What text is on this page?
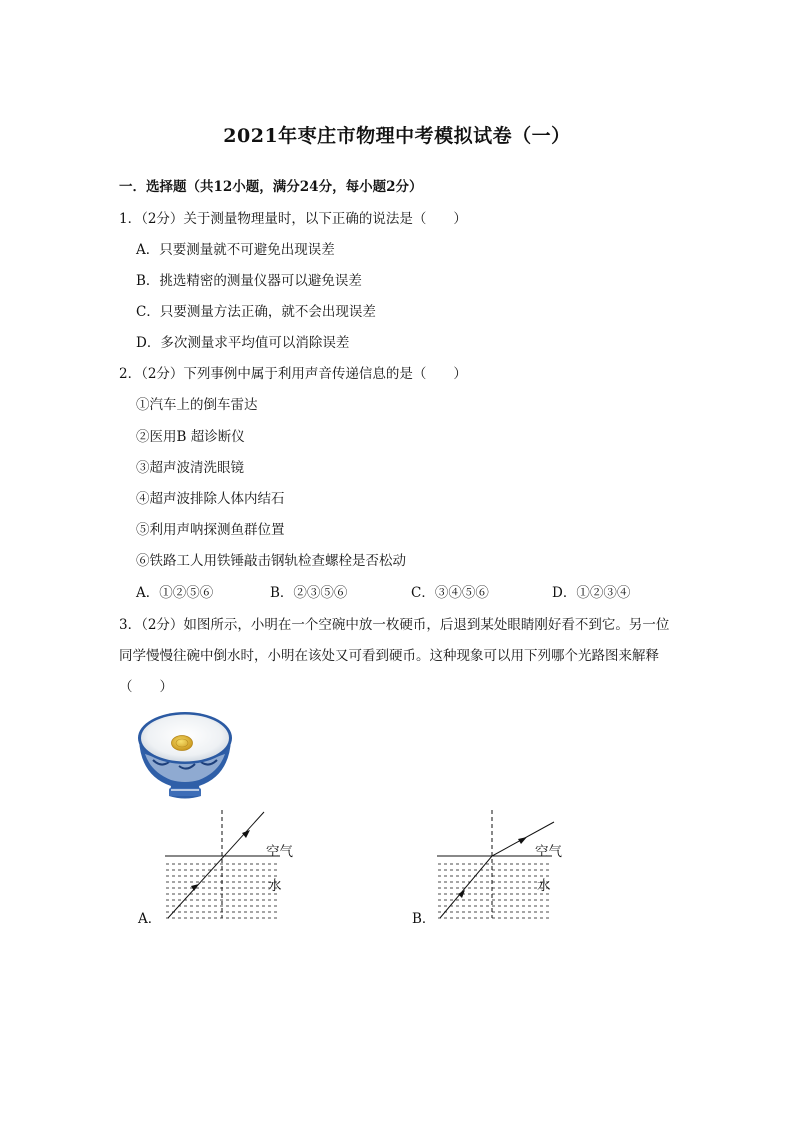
2021年枣庄市物理中考模拟试卷（一）
一．选择题（共12小题，满分24分，每小题2分）
1．（2分）关于测量物理量时，以下正确的说法是（　　）
A．只要测量就不可避免出现误差
B．挑选精密的测量仪器可以避免误差
C．只要测量方法正确，就不会出现误差
D．多次测量求平均值可以消除误差
2．（2分）下列事例中属于利用声音传递信息的是（　　）
①汽车上的倒车雷达
②医用B 超诊断仪
③超声波清洗眼镜
④超声波排除人体内结石
⑤利用声呐探测鱼群位置
⑥铁路工人用铁锤敲击钢轨检查螺栓是否松动
A．①②⑤⑥	B．②③⑤⑥	C．③④⑤⑥	D．①②③④
3．（2分）如图所示，小明在一个空碗中放一枚硬币，后退到某处眼睛刚好看不到它。另一位同学慢慢往碗中倒水时，小明在该处又可看到硬币。这种现象可以用下列哪个光路图来解释（　　）
空气
水
A．
空气
水
B．
